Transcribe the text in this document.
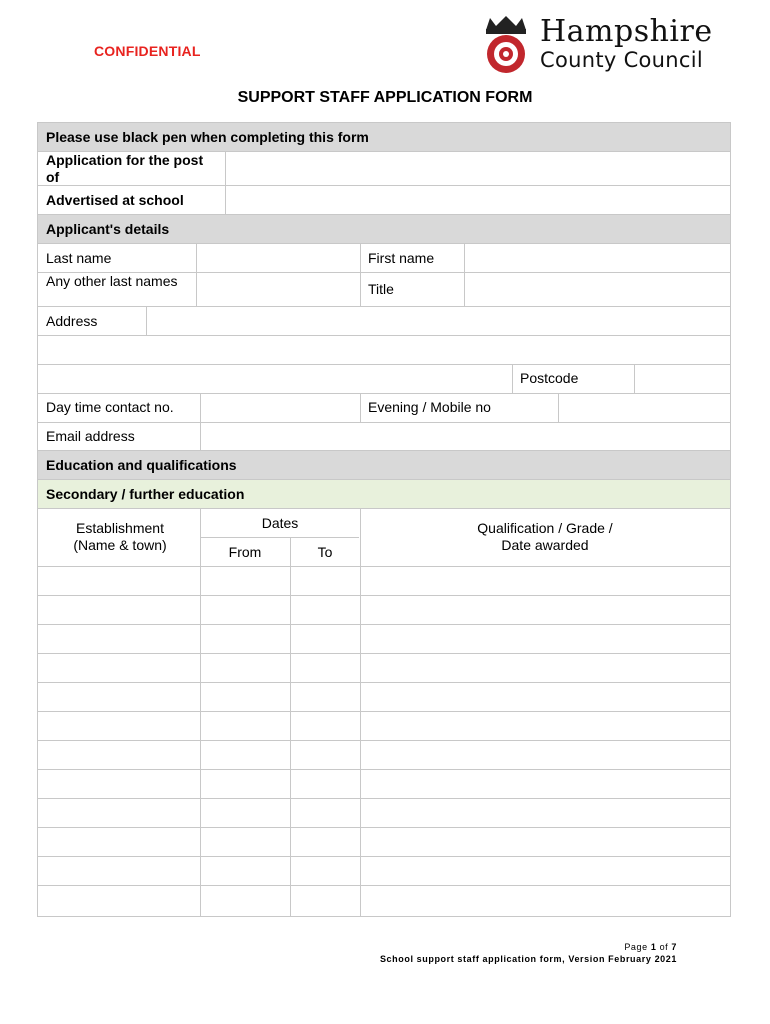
CONFIDENTIAL
Hampshire
County Council
SUPPORT STAFF APPLICATION FORM
Please use black pen when completing this form
Application for the post of
Advertised at school
Applicant's details
Last name	First name
Any other last names	Title
Address
Postcode
Day time contact no.	Evening / Mobile no
Email address
Education and qualifications
Secondary / further education
Establishment (Name & town)
Dates
From	To
Qualification / Grade / Date awarded
Page 1 of 7
School support staff application form, Version February 2021
